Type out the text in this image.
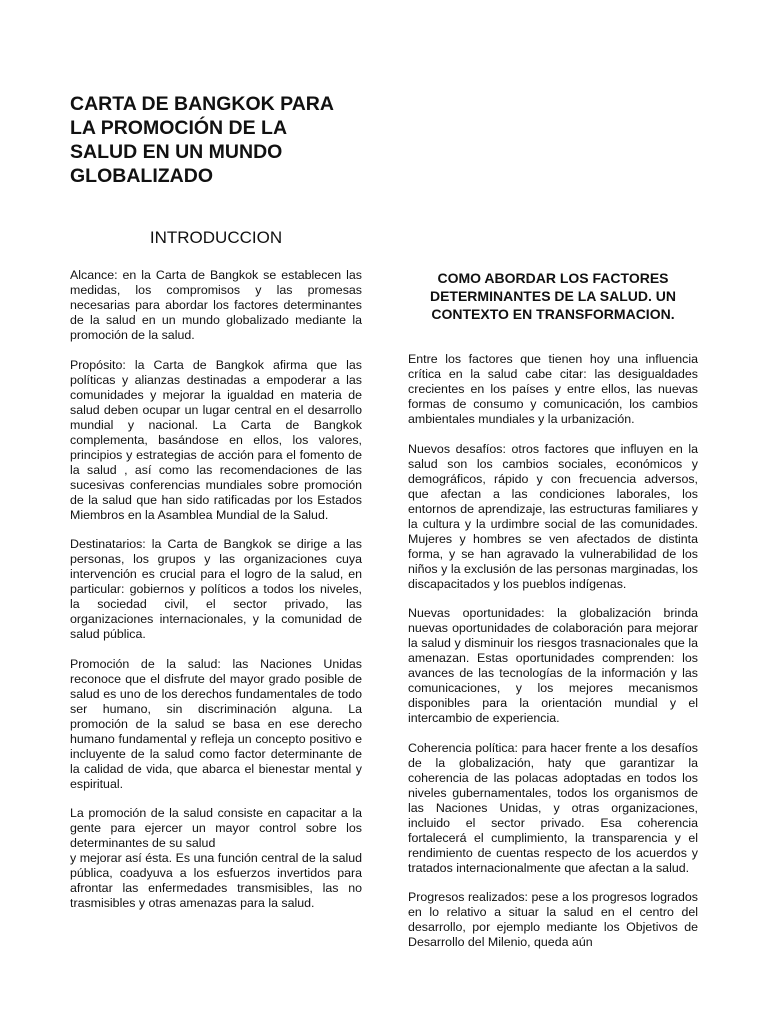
CARTA DE BANGKOK PARA
LA PROMOCIÓN DE LA
SALUD EN UN MUNDO
GLOBALIZADO
INTRODUCCION

Alcance: en la Carta de Bangkok se establecen las medidas, los compromisos y las promesas necesarias para abordar los factores determinantes de la salud en un mundo globalizado mediante la promoción de la salud.

Propósito: la Carta de Bangkok afirma que las políticas y alianzas destinadas a empoderar a las comunidades y mejorar la igualdad en materia de salud deben ocupar un lugar central en el desarrollo mundial y nacional. La Carta de Bangkok complementa, basándose en ellos, los valores, principios y estrategias de acción para el fomento de la salud , así como las recomendaciones de las sucesivas conferencias mundiales sobre promoción de la salud que han sido ratificadas por los Estados Miembros en la Asamblea Mundial de la Salud.

Destinatarios: la Carta de Bangkok se dirige a las personas, los grupos y las organizaciones cuya intervención es crucial para el logro de la salud, en particular: gobiernos y políticos a todos los niveles, la sociedad civil, el sector privado, las organizaciones internacionales, y la comunidad de salud pública.

Promoción de la salud: las Naciones Unidas reconoce que el disfrute del mayor grado posible de salud es uno de los derechos fundamentales de todo ser humano, sin discriminación alguna. La promoción de la salud se basa en ese derecho humano fundamental y refleja un concepto positivo e incluyente de la salud como factor determinante de la calidad de vida, que abarca el bienestar mental y espiritual.

La promoción de la salud consiste en capacitar a la gente para ejercer un mayor control sobre los determinantes de su salud
y mejorar así ésta. Es una función central de la salud pública, coadyuva a los esfuerzos invertidos para afrontar las enfermedades transmisibles, las no trasmisibles y otras amenazas para la salud.

COMO ABORDAR LOS FACTORES DETERMINANTES DE LA SALUD. UN CONTEXTO EN TRANSFORMACION.

Entre los factores que tienen hoy una influencia crítica en la salud cabe citar: las desigualdades crecientes en los países y entre ellos, las nuevas formas de consumo y comunicación, los cambios ambientales mundiales y la urbanización.

Nuevos desafíos: otros factores que influyen en la salud son los cambios sociales, económicos y demográficos, rápido y con frecuencia adversos, que afectan a las condiciones laborales, los entornos de aprendizaje, las estructuras familiares y la cultura y la urdimbre social de las comunidades. Mujeres y hombres se ven afectados de distinta forma, y se han agravado la vulnerabilidad de los niños y la exclusión de las personas marginadas, los discapacitados y los pueblos indígenas.

Nuevas oportunidades: la globalización brinda nuevas oportunidades de colaboración para mejorar la salud y disminuir los riesgos trasnacionales que la amenazan. Estas oportunidades comprenden: los avances de las tecnologías de la información y las comunicaciones, y los mejores mecanismos disponibles para la orientación mundial y el intercambio de experiencia.

Coherencia política: para hacer frente a los desafíos de la globalización, haty que garantizar la coherencia de las polacas adoptadas en todos los niveles gubernamentales, todos los organismos de las Naciones Unidas, y otras organizaciones, incluido el sector privado. Esa coherencia fortalecerá el cumplimiento, la transparencia y el rendimiento de cuentas respecto de los acuerdos y tratados internacionalmente que afectan a la salud.

Progresos realizados: pese a los progresos logrados en lo relativo a situar la salud en el centro del desarrollo, por ejemplo mediante los Objetivos de Desarrollo del Milenio, queda aún
